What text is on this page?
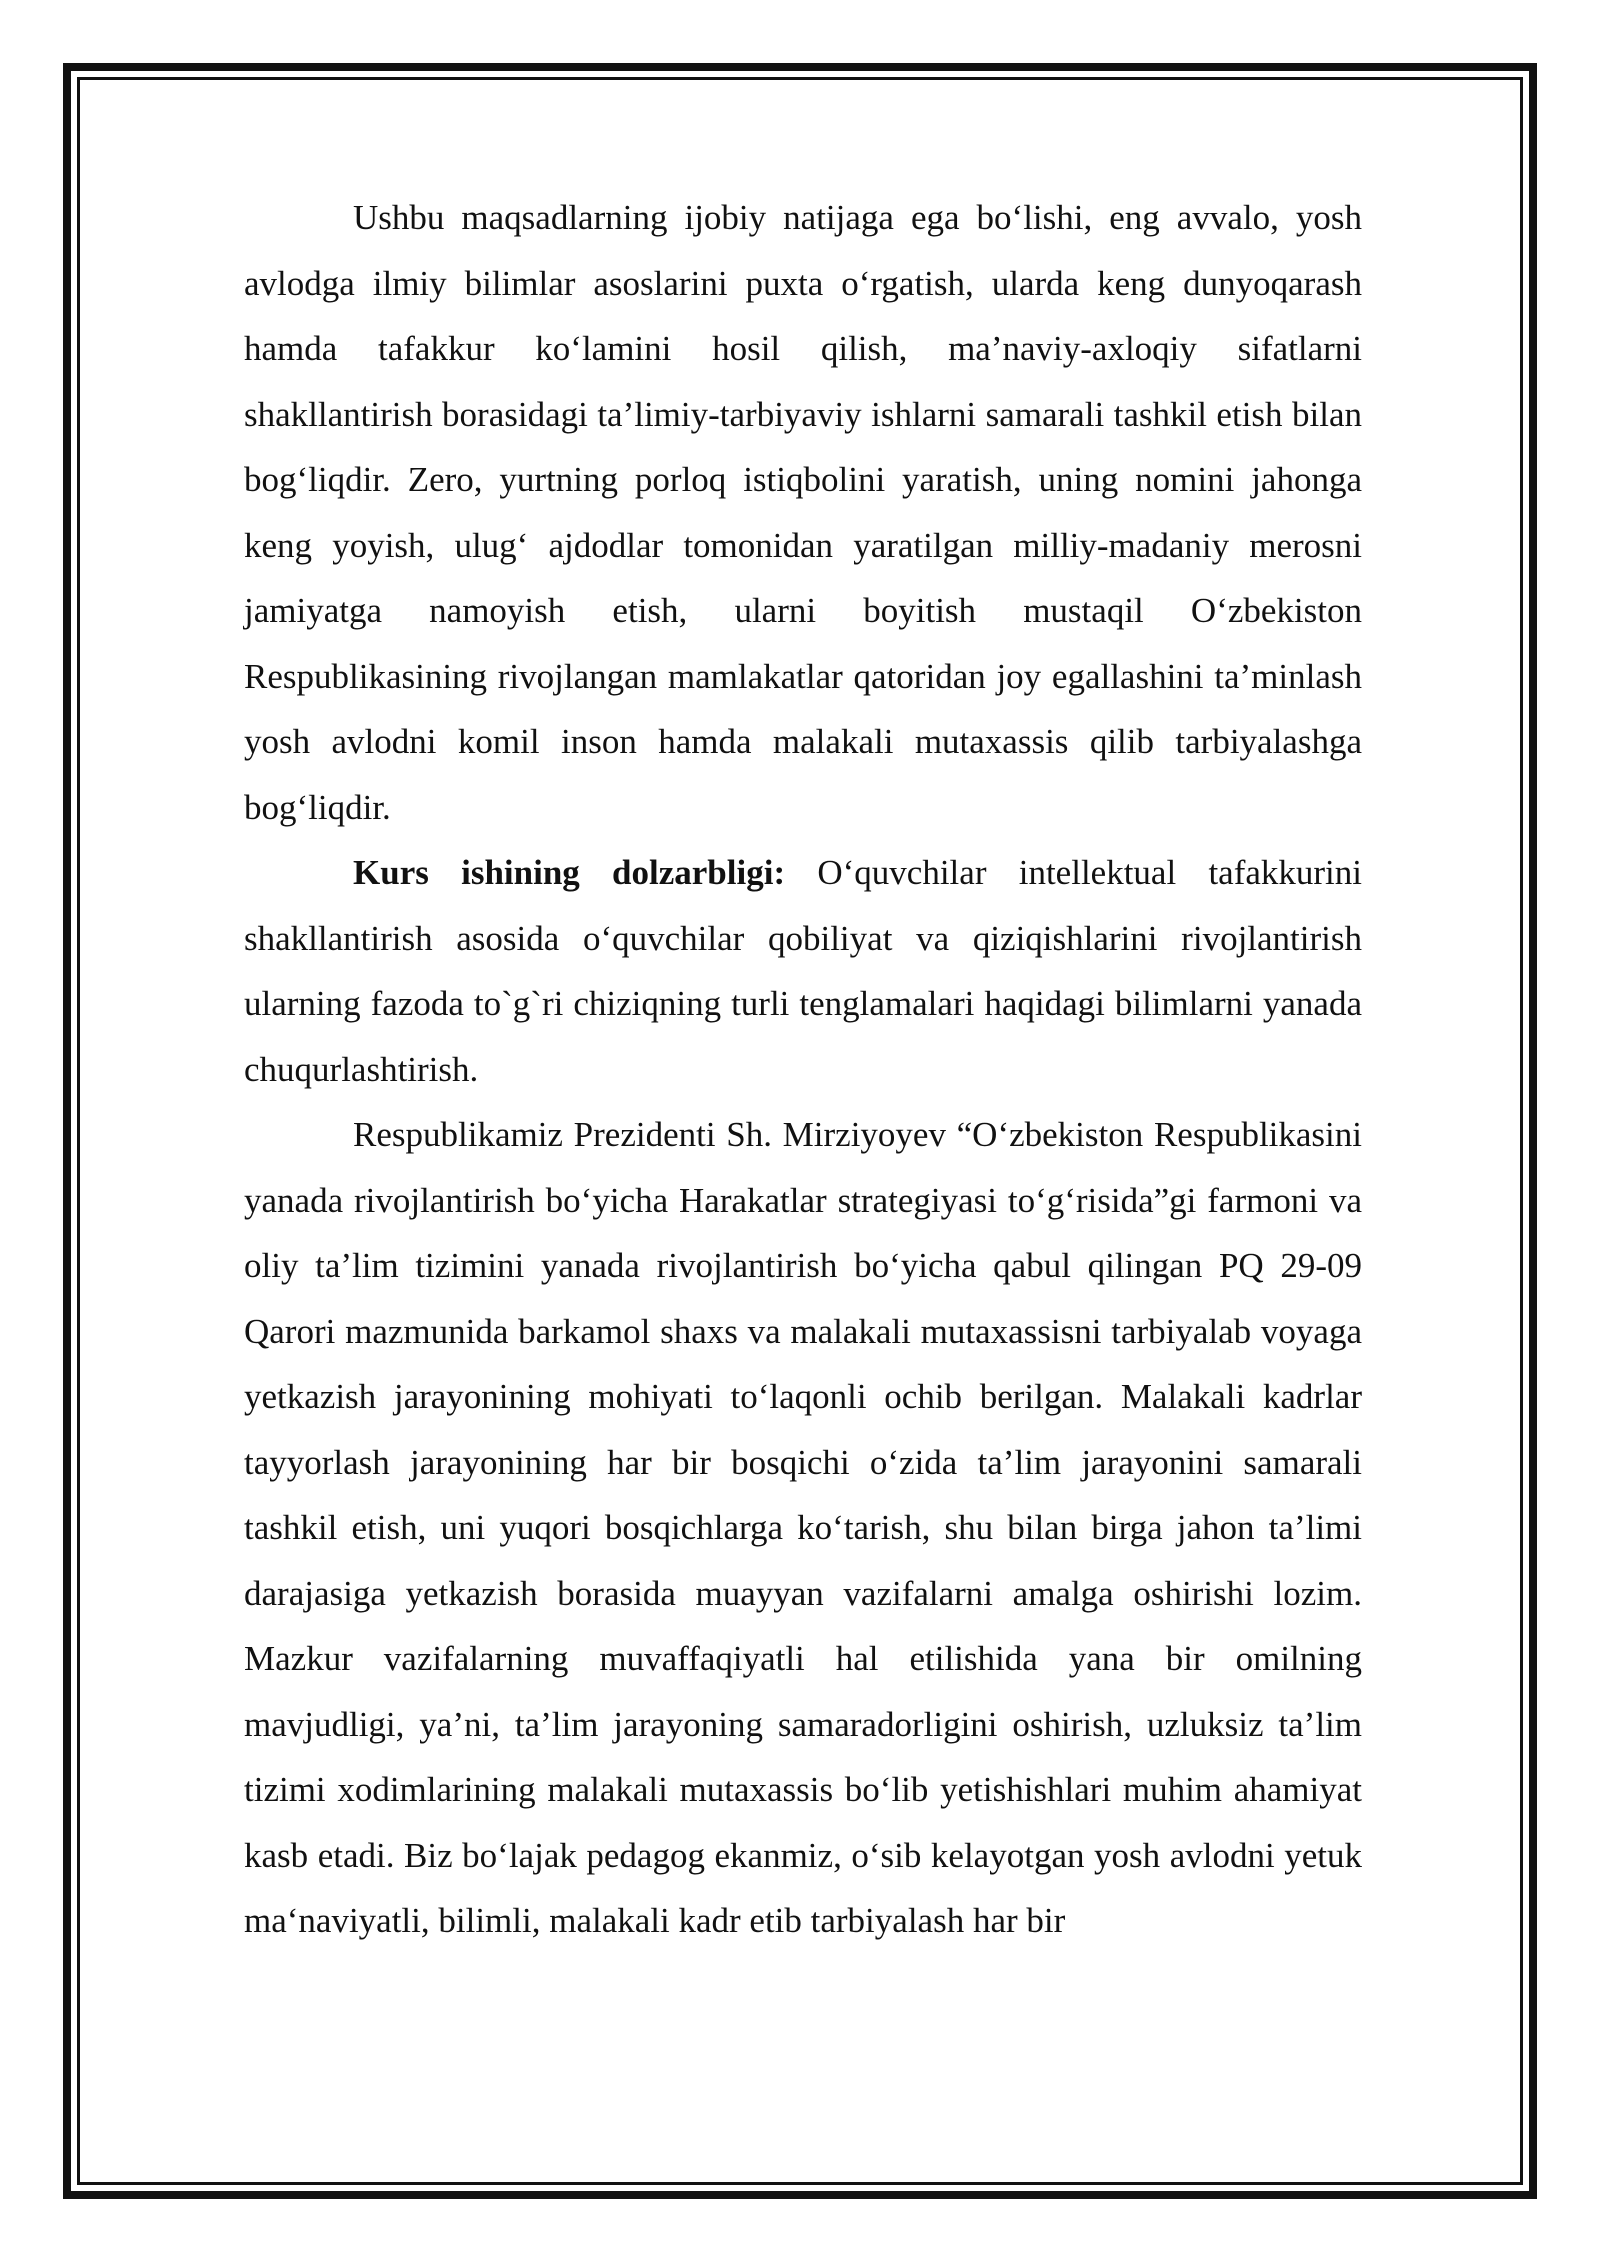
Ushbu maqsadlarning ijobiy natijaga ega bo‘lishi, eng avvalo, yosh avlodga ilmiy bilimlar asoslarini puxta o‘rgatish, ularda keng dunyoqarash hamda tafakkur ko‘lamini hosil qilish, ma’naviy-axloqiy sifatlarni shakllantirish borasidagi ta’limiy-tarbiyaviy ishlarni samarali tashkil etish bilan bog‘liqdir. Zero, yurtning porloq istiqbolini yaratish, uning nomini jahonga keng yoyish, ulug‘ ajdodlar tomonidan yaratilgan milliy-madaniy merosni jamiyatga namoyish etish, ularni boyitish mustaqil O‘zbekiston Respublikasining rivojlangan mamlakatlar qatoridan joy egallashini ta’minlash yosh avlodni komil inson hamda malakali mutaxassis qilib tarbiyalashga bog‘liqdir.

Kurs ishining dolzarbligi: O‘quvchilar intellektual tafakkurini shakllantirish asosida o‘quvchilar qobiliyat va qiziqishlarini rivojlantirish ularning fazoda to`g`ri chiziqning turli tenglamalari haqidagi bilimlarni yanada chuqurlashtirish.

Respublikamiz Prezidenti Sh. Mirziyoyev “O‘zbekiston Respublikasini yanada rivojlantirish bo‘yicha Harakatlar strategiyasi to‘g‘risida”gi farmoni va oliy ta’lim tizimini yanada rivojlantirish bo‘yicha qabul qilingan PQ 29-09 Qarori mazmunida barkamol shaxs va malakali mutaxassisni tarbiyalab voyaga yetkazish jarayonining mohiyati to‘laqonli ochib berilgan. Malakali kadrlar tayyorlash jarayonining har bir bosqichi o‘zida ta’lim jarayonini samarali tashkil etish, uni yuqori bosqichlarga ko‘tarish, shu bilan birga jahon ta’limi darajasiga yetkazish borasida muayyan vazifalarni amalga oshirishi lozim. Mazkur vazifalarning muvaffaqiyatli hal etilishida yana bir omilning mavjudligi, ya’ni, ta’lim jarayoning samaradorligini oshirish, uzluksiz ta’lim tizimi xodimlarining malakali mutaxassis bo‘lib yetishishlari muhim ahamiyat kasb etadi. Biz bo‘lajak pedagog ekanmiz, o‘sib kelayotgan yosh avlodni yetuk ma‘naviyatli, bilimli, malakali kadr etib tarbiyalash har bir
